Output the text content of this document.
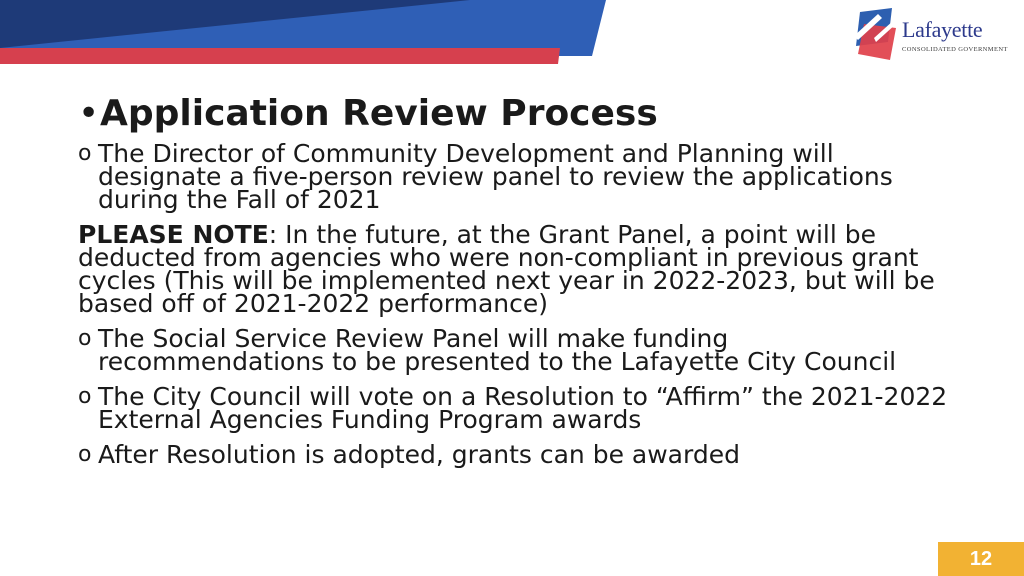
Lafayette
CONSOLIDATED GOVERNMENT
• Application Review Process
o The Director of Community Development and Planning will designate a five-person review panel to review the applications during the Fall of 2021
PLEASE NOTE: In the future, at the Grant Panel, a point will be deducted from agencies who were non-compliant in previous grant cycles (This will be implemented next year in 2022-2023, but will be based off of 2021-2022 performance)
o The Social Service Review Panel will make funding recommendations to be presented to the Lafayette City Council
o The City Council will vote on a Resolution to “Affirm” the 2021-2022 External Agencies Funding Program awards
o After Resolution is adopted, grants can be awarded
12
